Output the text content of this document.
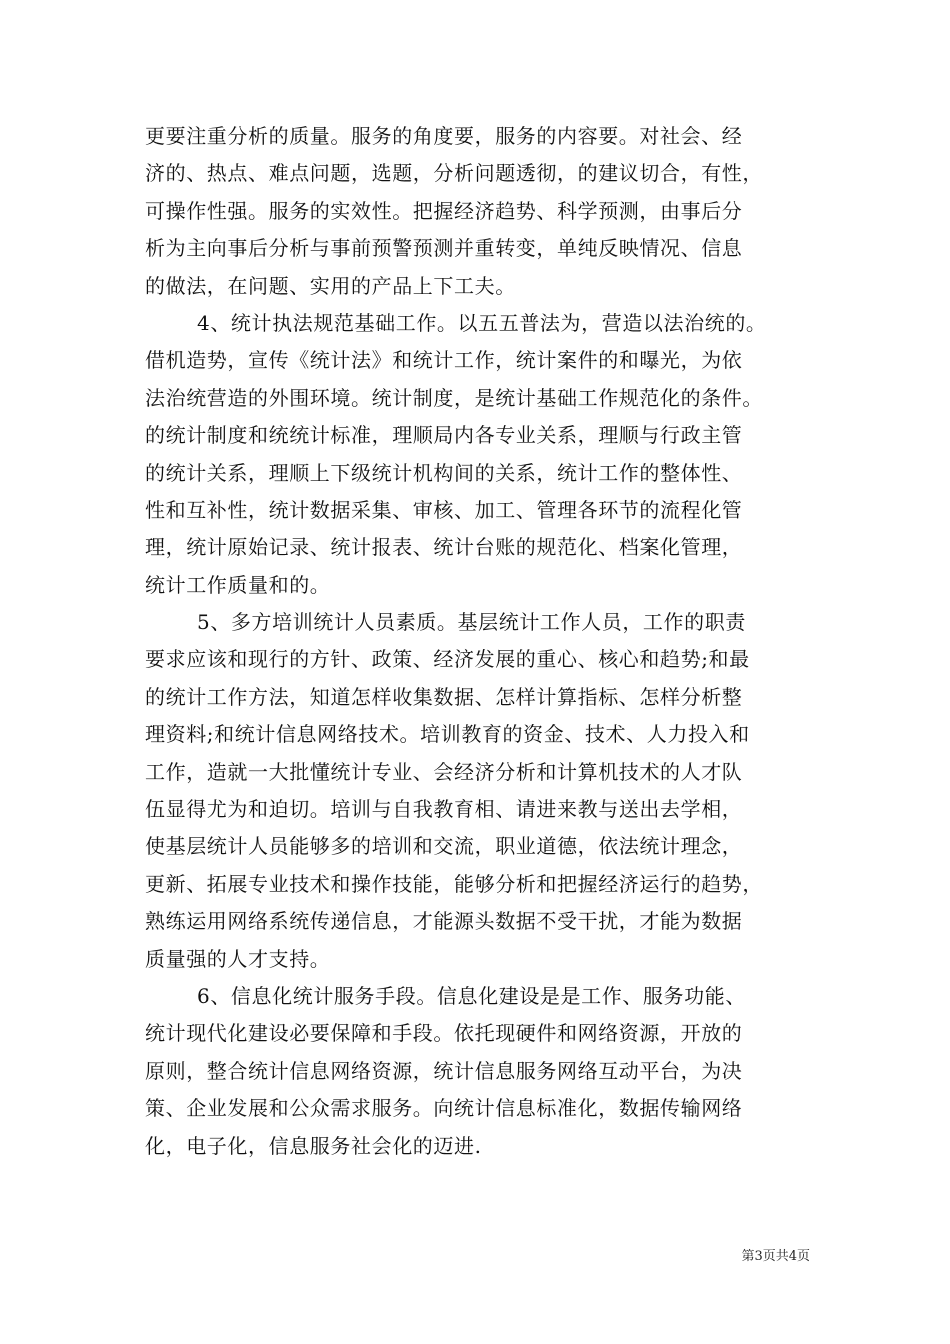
更要注重分析的质量。服务的角度要，服务的内容要。对社会、经
济的、热点、难点问题，选题，分析问题透彻，的建议切合，有性，
可操作性强。服务的实效性。把握经济趋势、科学预测，由事后分
析为主向事后分析与事前预警预测并重转变，单纯反映情况、信息
的做法，在问题、实用的产品上下工夫。
4、统计执法规范基础工作。以五五普法为，营造以法治统的。
借机造势，宣传《统计法》和统计工作，统计案件的和曝光，为依
法治统营造的外围环境。统计制度，是统计基础工作规范化的条件。
的统计制度和统统计标准，理顺局内各专业关系，理顺与行政主管
的统计关系，理顺上下级统计机构间的关系，统计工作的整体性、
性和互补性，统计数据采集、审核、加工、管理各环节的流程化管
理，统计原始记录、统计报表、统计台账的规范化、档案化管理，
统计工作质量和的。
5、多方培训统计人员素质。基层统计工作人员，工作的职责
要求应该和现行的方针、政策、经济发展的重心、核心和趋势;和最
的统计工作方法，知道怎样收集数据、怎样计算指标、怎样分析整
理资料;和统计信息网络技术。培训教育的资金、技术、人力投入和
工作，造就一大批懂统计专业、会经济分析和计算机技术的人才队
伍显得尤为和迫切。培训与自我教育相、请进来教与送出去学相，
使基层统计人员能够多的培训和交流，职业道德，依法统计理念，
更新、拓展专业技术和操作技能，能够分析和把握经济运行的趋势，
熟练运用网络系统传递信息，才能源头数据不受干扰，才能为数据
质量强的人才支持。
6、信息化统计服务手段。信息化建设是是工作、服务功能、
统计现代化建设必要保障和手段。依托现硬件和网络资源，开放的
原则，整合统计信息网络资源，统计信息服务网络互动平台，为决
策、企业发展和公众需求服务。向统计信息标准化，数据传输网络
化，电子化，信息服务社会化的迈进.
第3页共4页
